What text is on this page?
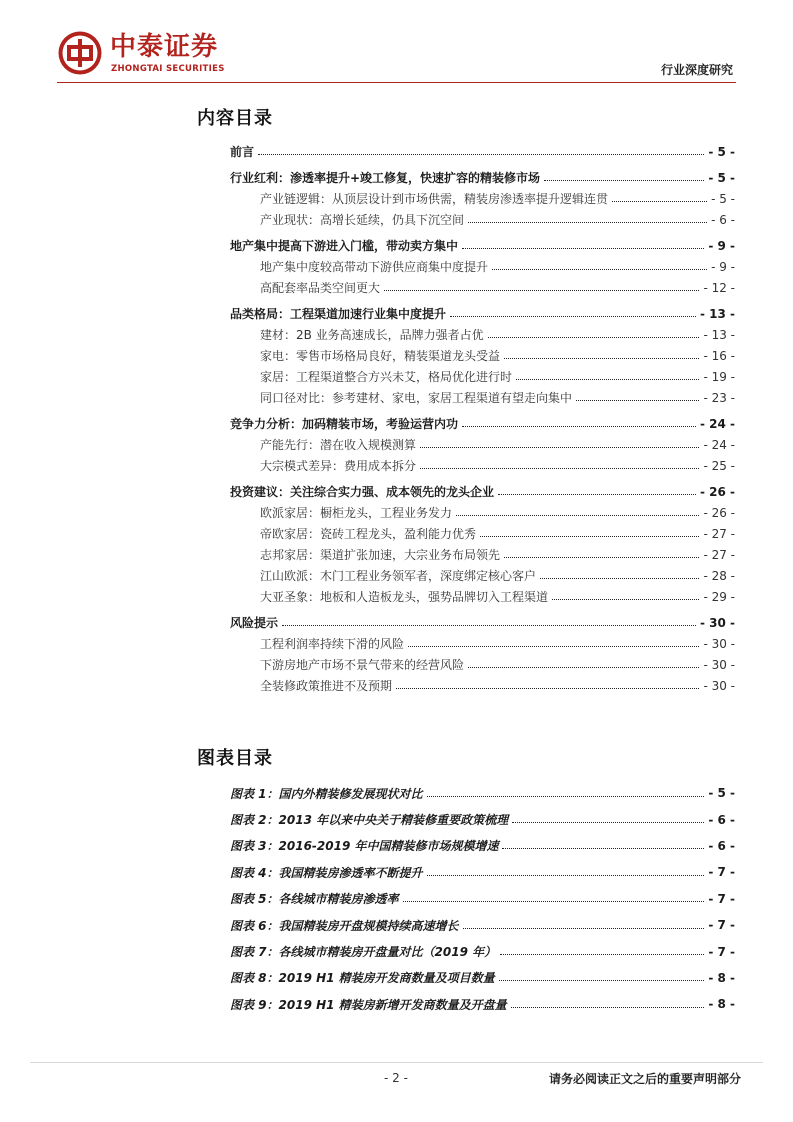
中泰证券
ZHONGTAI SECURITIES	行业深度研究
内容目录
前言	- 5 -
行业红利：渗透率提升+竣工修复，快速扩容的精装修市场	- 5 -
产业链逻辑：从顶层设计到市场供需，精装房渗透率提升逻辑连贯	- 5 -
产业现状：高增长延续，仍具下沉空间	- 6 -
地产集中提高下游进入门槛，带动卖方集中	- 9 -
地产集中度较高带动下游供应商集中度提升	- 9 -
高配套率品类空间更大	- 12 -
品类格局：工程渠道加速行业集中度提升	- 13 -
建材：2B 业务高速成长，品牌力强者占优	- 13 -
家电：零售市场格局良好，精装渠道龙头受益	- 16 -
家居：工程渠道整合方兴未艾，格局优化进行时	- 19 -
同口径对比：参考建材、家电，家居工程渠道有望走向集中	- 23 -
竞争力分析：加码精装市场，考验运营内功	- 24 -
产能先行：潜在收入规模测算	- 24 -
大宗模式差异：费用成本拆分	- 25 -
投资建议：关注综合实力强、成本领先的龙头企业	- 26 -
欧派家居：橱柜龙头，工程业务发力	- 26 -
帝欧家居：瓷砖工程龙头，盈利能力优秀	- 27 -
志邦家居：渠道扩张加速，大宗业务布局领先	- 27 -
江山欧派：木门工程业务领军者，深度绑定核心客户	- 28 -
大亚圣象：地板和人造板龙头，强势品牌切入工程渠道	- 29 -
风险提示	- 30 -
工程利润率持续下滑的风险	- 30 -
下游房地产市场不景气带来的经营风险	- 30 -
全装修政策推进不及预期	- 30 -
图表目录
图表 1：国内外精装修发展现状对比	- 5 -
图表 2：2013 年以来中央关于精装修重要政策梳理	- 6 -
图表 3：2016-2019 年中国精装修市场规模增速	- 6 -
图表 4：我国精装房渗透率不断提升	- 7 -
图表 5：各线城市精装房渗透率	- 7 -
图表 6：我国精装房开盘规模持续高速增长	- 7 -
图表 7：各线城市精装房开盘量对比（2019 年）	- 7 -
图表 8：2019 H1 精装房开发商数量及项目数量	- 8 -
图表 9：2019 H1 精装房新增开发商数量及开盘量	- 8 -
- 2 -	请务必阅读正文之后的重要声明部分
